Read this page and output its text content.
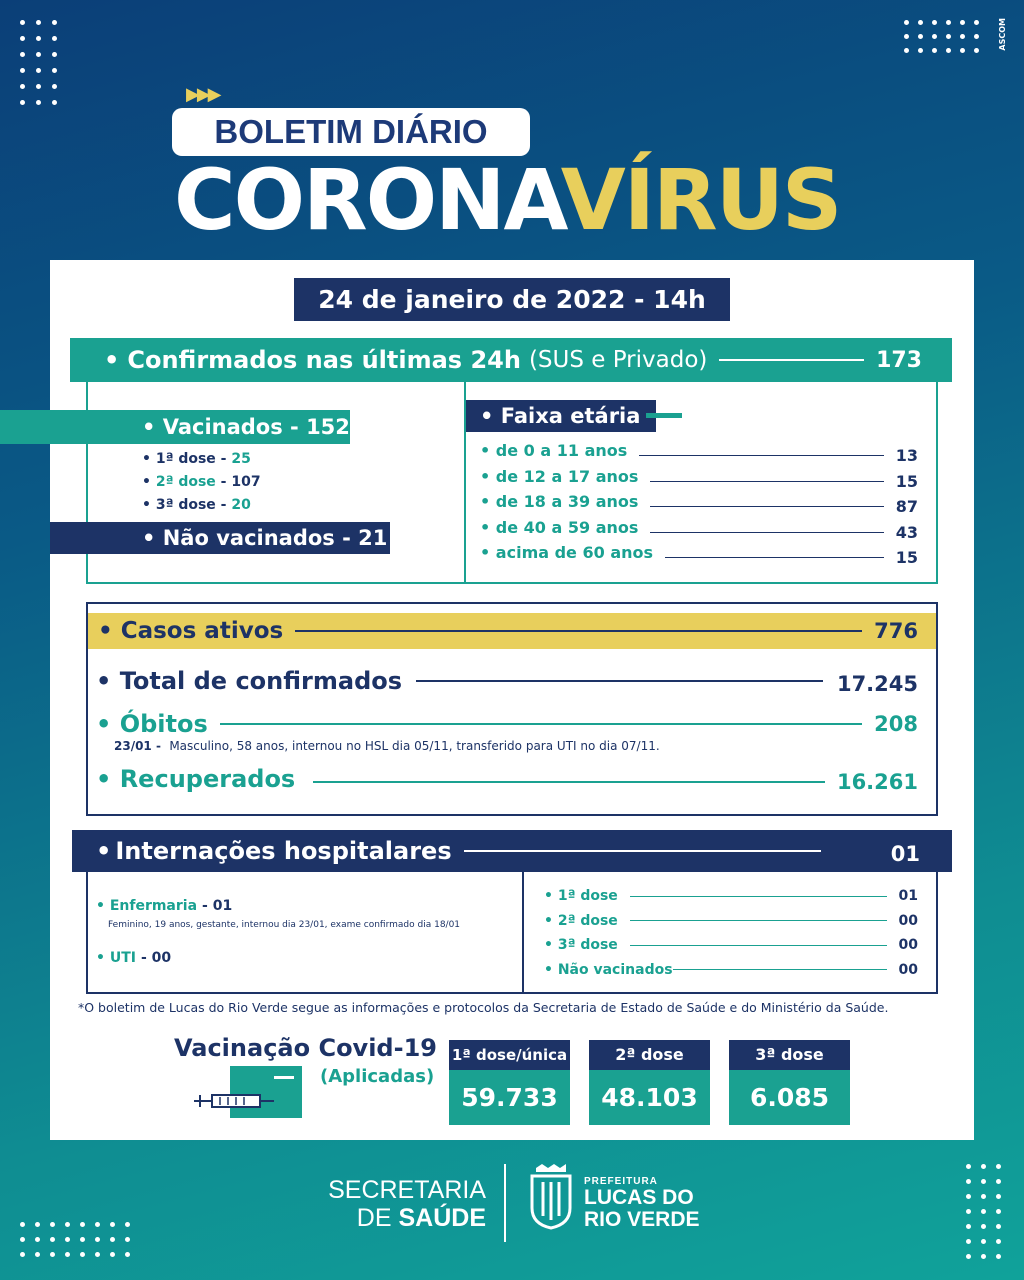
ASCOM
▶▶▶
BOLETIM DIÁRIO
CORONAVÍRUS
24 de janeiro de 2022 - 14h
• Confirmados nas últimas 24h (SUS e Privado)	173
• Vacinados - 152
• 1ª dose - 25
• 2ª dose - 107
• 3ª dose - 20
• Não vacinados - 21
• Faixa etária
• de 0 a 11 anos	13
• de 12 a 17 anos	15
• de 18 a 39 anos	87
• de 40 a 59 anos	43
• acima de 60 anos	15
• Casos ativos	776
• Total de confirmados	17.245
• Óbitos	208
23/01 - Masculino, 58 anos, internou no HSL dia 05/11, transferido para UTI no dia 07/11.
• Recuperados	16.261
• Internações hospitalares	01
• Enfermaria - 01
Feminino, 19 anos, gestante, internou dia 23/01, exame confirmado dia 18/01
• UTI - 00
• 1ª dose	01
• 2ª dose	00
• 3ª dose	00
• Não vacinados	00
*O boletim de Lucas do Rio Verde segue as informações e protocolos da Secretaria de Estado de Saúde e do Ministério da Saúde.
Vacinação Covid-19
(Aplicadas)
1ª dose/única
59.733
2ª dose
48.103
3ª dose
6.085
SECRETARIA
DE SAÚDE
PREFEITURA
LUCAS DO
RIO VERDE
